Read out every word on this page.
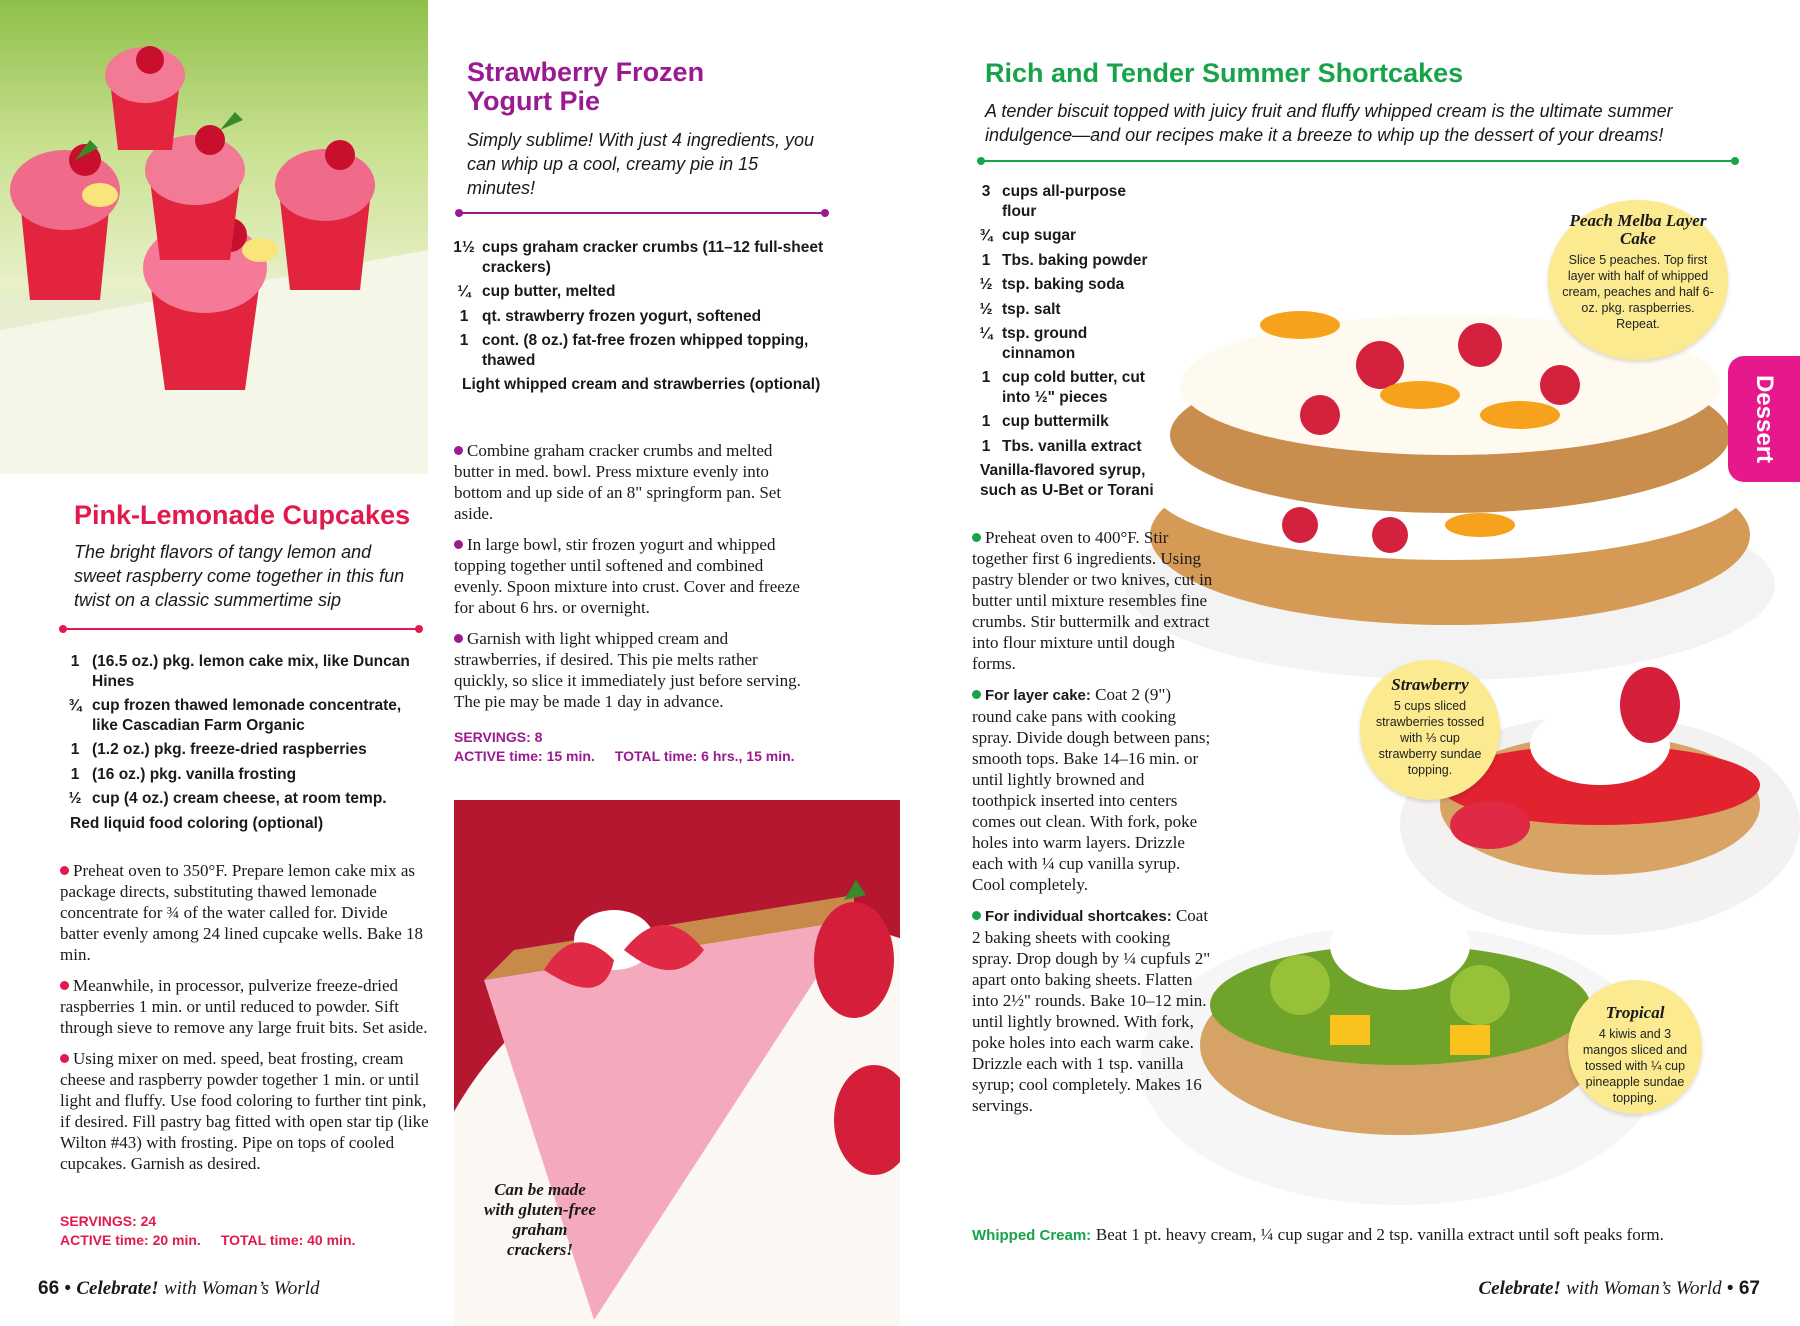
Pink-Lemonade Cupcakes
The bright flavors of tangy lemon and sweet raspberry come together in this fun twist on a classic summertime sip
1 (16.5 oz.) pkg. lemon cake mix, like Duncan Hines
¾ cup frozen thawed lemonade concentrate, like Cascadian Farm Organic
1 (1.2 oz.) pkg. freeze-dried raspberries
1 (16 oz.) pkg. vanilla frosting
½ cup (4 oz.) cream cheese, at room temp.
Red liquid food coloring (optional)

Preheat oven to 350°F. Prepare lemon cake mix as package directs, substituting thawed lemonade concentrate for ¾ of the water called for. Divide batter evenly among 24 lined cupcake wells. Bake 18 min.

Meanwhile, in processor, pulverize freeze-dried raspberries 1 min. or until reduced to powder. Sift through sieve to remove any large fruit bits. Set aside.

Using mixer on med. speed, beat frosting, cream cheese and raspberry powder together 1 min. or until light and fluffy. Use food coloring to further tint pink, if desired. Fill pastry bag fitted with open star tip (like Wilton #43) with frosting. Pipe on tops of cooled cupcakes. Garnish as desired.

SERVINGS: 24
ACTIVE time: 20 min. TOTAL time: 40 min.
Strawberry Frozen
Yogurt Pie
Simply sublime! With just 4 ingredients, you can whip up a cool, creamy pie in 15 minutes!
1½ cups graham cracker crumbs (11–12 full-sheet crackers)
¼ cup butter, melted
1 qt. strawberry frozen yogurt, softened
1 cont. (8 oz.) fat-free frozen whipped topping, thawed
Light whipped cream and strawberries (optional)

Combine graham cracker crumbs and melted butter in med. bowl. Press mixture evenly into bottom and up side of an 8" springform pan. Set aside.

In large bowl, stir frozen yogurt and whipped topping together until softened and combined evenly. Spoon mixture into crust. Cover and freeze for about 6 hrs. or overnight.

Garnish with light whipped cream and strawberries, if desired. This pie melts rather quickly, so slice it immediately just before serving. The pie may be made 1 day in advance.

SERVINGS: 8
ACTIVE time: 15 min. TOTAL time: 6 hrs., 15 min.
Can be made with gluten-free graham crackers!
Rich and Tender Summer Shortcakes
A tender biscuit topped with juicy fruit and fluffy whipped cream is the ultimate summer indulgence—and our recipes make it a breeze to whip up the dessert of your dreams!
3 cups all-purpose flour
¾ cup sugar
1 Tbs. baking powder
½ tsp. baking soda
½ tsp. salt
¼ tsp. ground cinnamon
1 cup cold butter, cut into ½" pieces
1 cup buttermilk
1 Tbs. vanilla extract
Vanilla-flavored syrup, such as U-Bet or Torani

Preheat oven to 400°F. Stir together first 6 ingredients. Using pastry blender or two knives, cut in butter until mixture resembles fine crumbs. Stir buttermilk and extract into flour mixture until dough forms.

For layer cake: Coat 2 (9") round cake pans with cooking spray. Divide dough between pans; smooth tops. Bake 14–16 min. or until lightly browned and toothpick inserted into centers comes out clean. With fork, poke holes into warm layers. Drizzle each with ¼ cup vanilla syrup. Cool completely.

For individual shortcakes: Coat 2 baking sheets with cooking spray. Drop dough by ¼ cupfuls 2" apart onto baking sheets. Flatten into 2½" rounds. Bake 10–12 min. until lightly browned. With fork, poke holes into each warm cake. Drizzle each with 1 tsp. vanilla syrup; cool completely. Makes 16 servings.

Whipped Cream: Beat 1 pt. heavy cream, ¼ cup sugar and 2 tsp. vanilla extract until soft peaks form.
Peach Melba Layer Cake
Slice 5 peaches. Top first layer with half of whipped cream, peaches and half 6-oz. pkg. raspberries. Repeat.
Strawberry
5 cups sliced strawberries tossed with ⅓ cup strawberry sundae topping.
Tropical
4 kiwis and 3 mangos sliced and tossed with ¼ cup pineapple sundae topping.
Dessert
66 • Celebrate! with Woman’s World	Celebrate! with Woman’s World • 67
